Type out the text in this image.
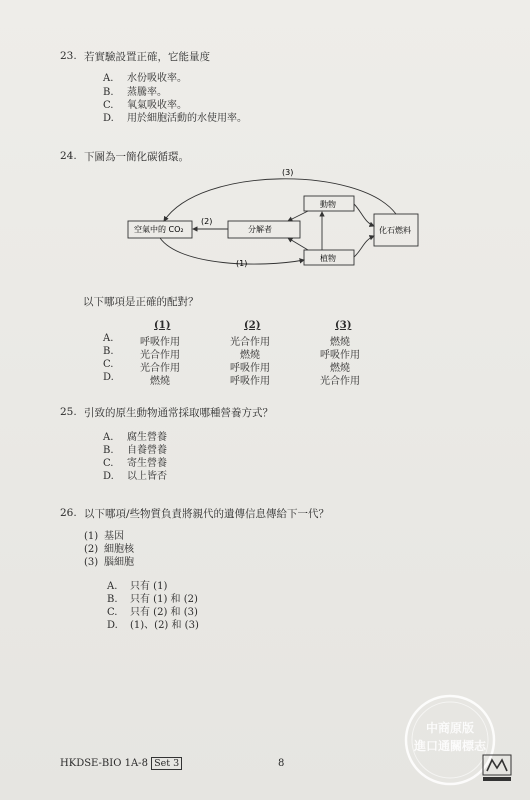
23. 若實驗設置正確，它能量度
A. 水份吸收率。
B. 蒸騰率。
C. 氧氣吸收率。
D. 用於細胞活動的水使用率。
24. 下圖為一簡化碳循環。
空氣中的 CO₂	分解者
動物
植物
化石燃料
(3)
(2)
(1)
以下哪項是正確的配對？
(1)	(2)	(3)
A.	呼吸作用	光合作用	燃燒
B.	光合作用	燃燒	呼吸作用
C.	光合作用	呼吸作用	燃燒
D.	燃燒	呼吸作用	光合作用
25. 引致的原生動物通常採取哪種營養方式？
A. 腐生營養
B. 自養營養
C. 寄生營養
D. 以上皆否
26. 以下哪項/些物質負責將親代的遺傳信息傳給下一代？
(1) 基因
(2) 細胞核
(3) 腦細胞
A. 只有 (1)
B. 只有 (1) 和 (2)
C. 只有 (2) 和 (3)
D. (1)、(2) 和 (3)
HKDSE-BIO 1A-8 Set 3	8
中商原版
進口通關標志
